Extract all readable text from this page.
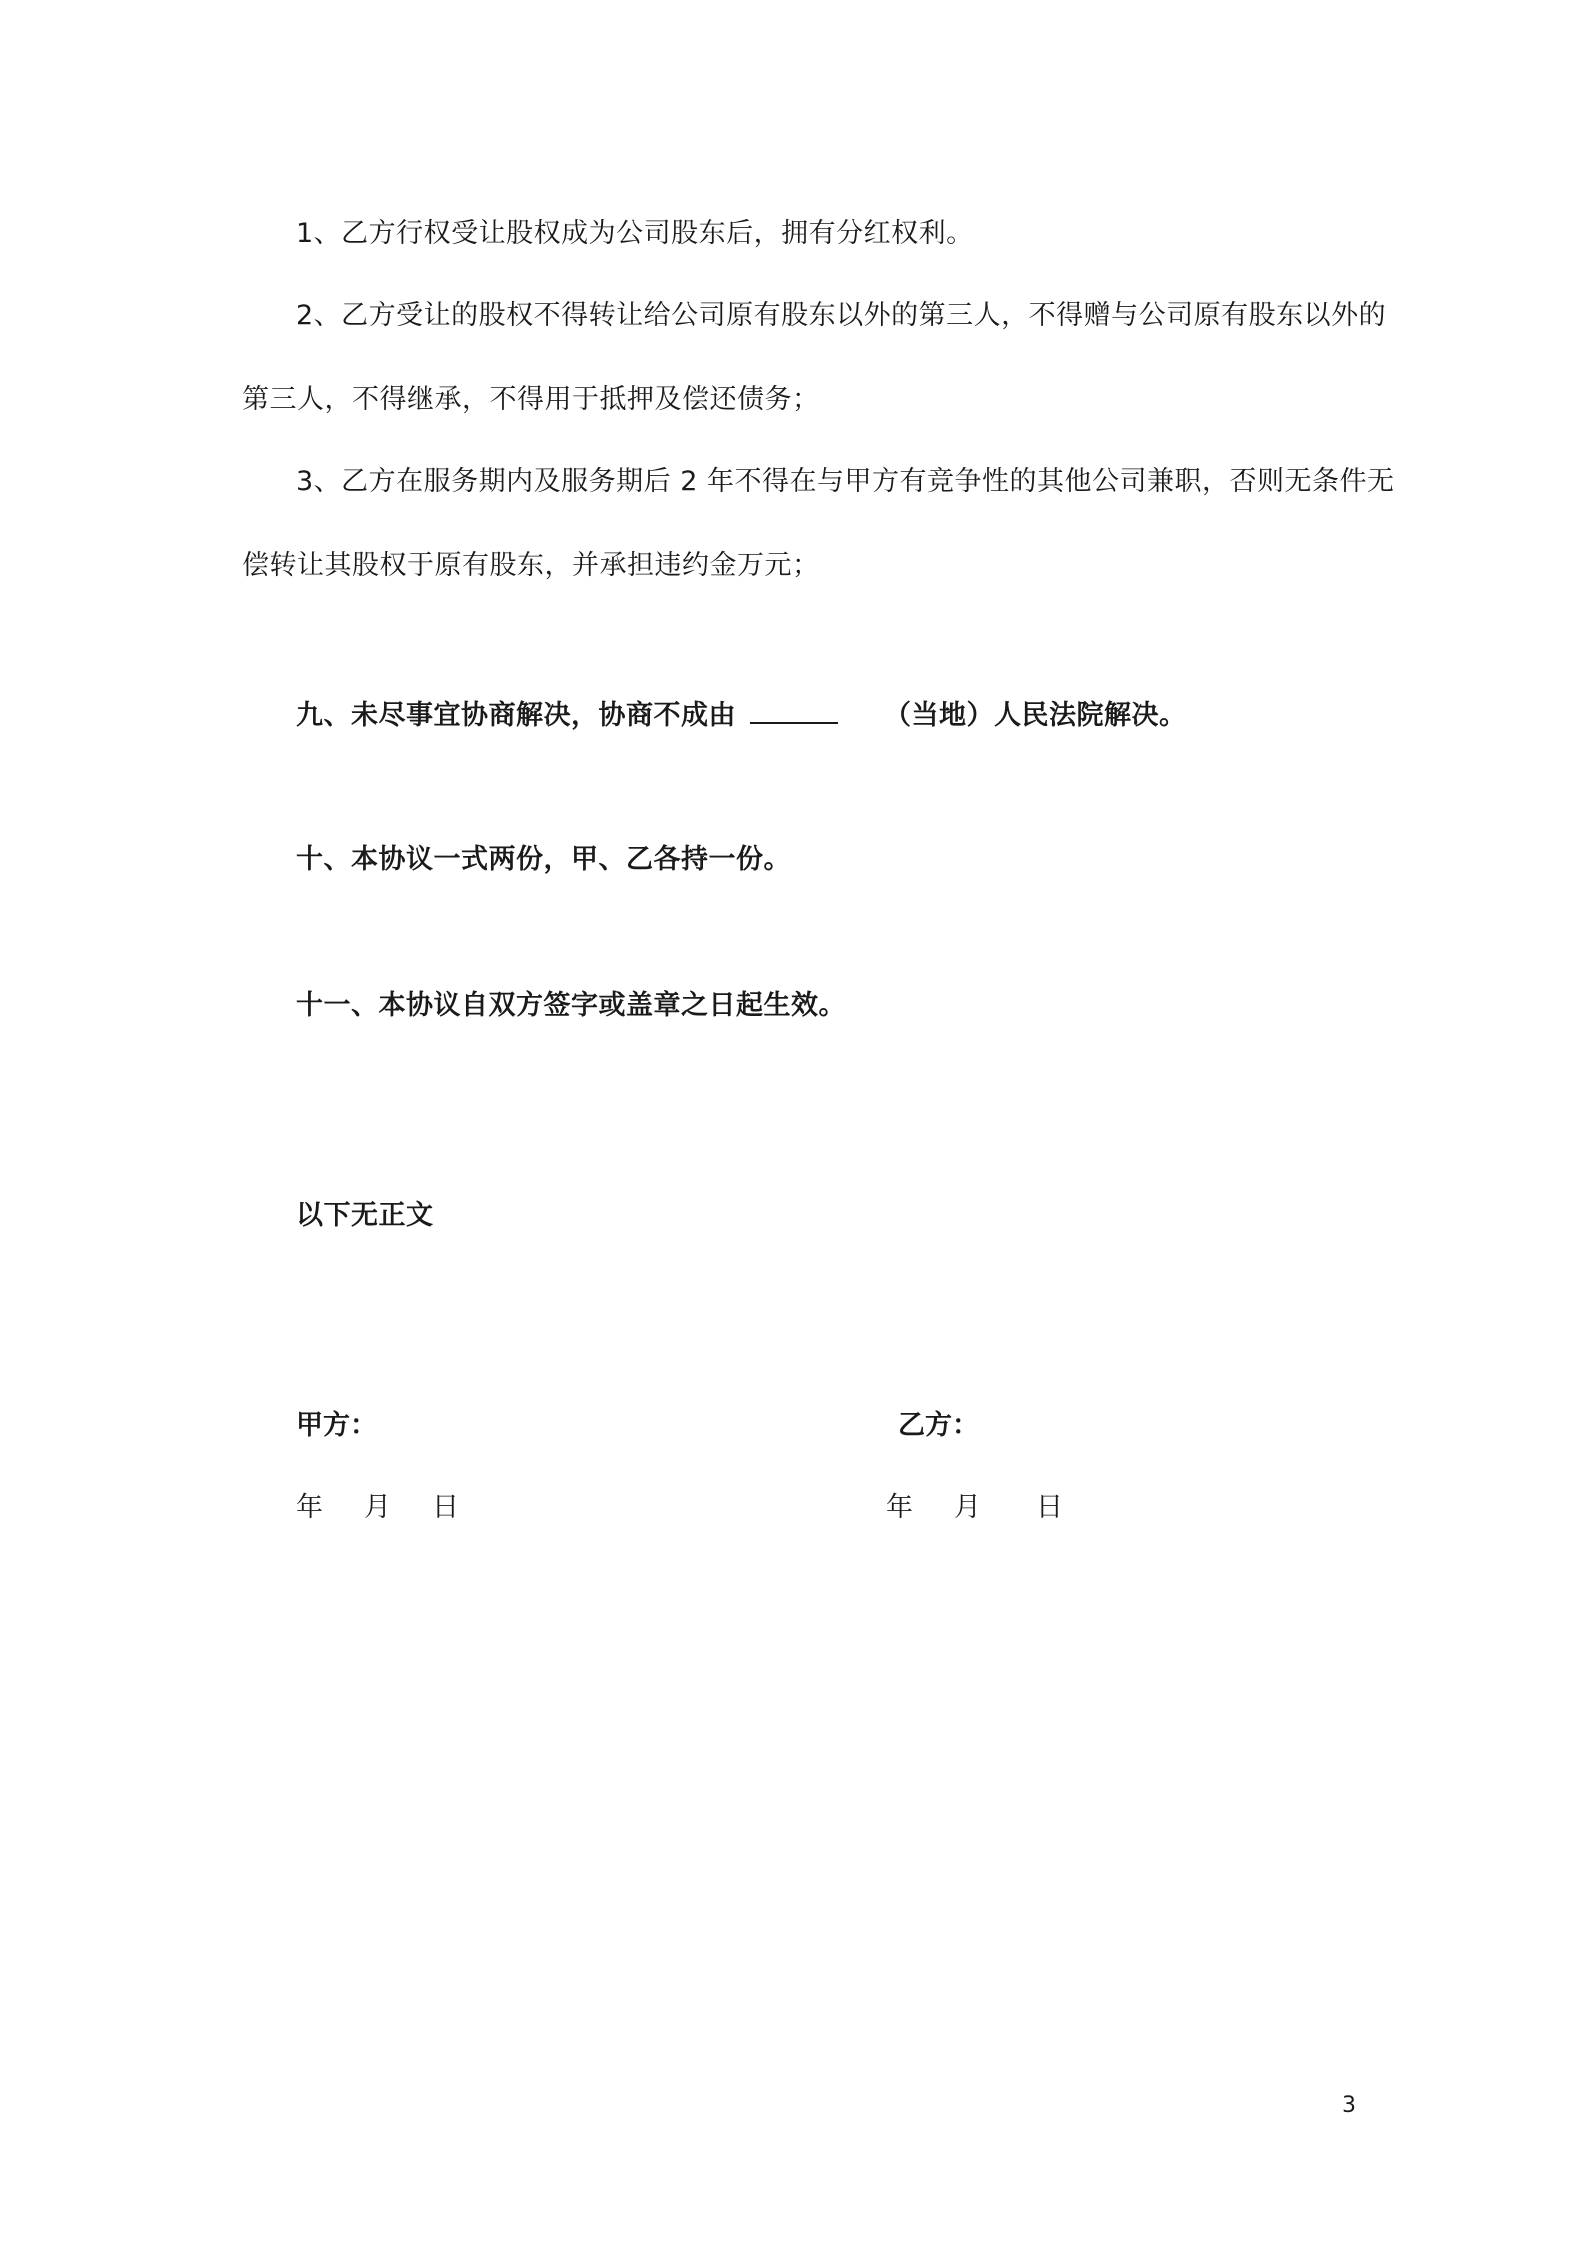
1、乙方行权受让股权成为公司股东后，拥有分红权利。
2、乙方受让的股权不得转让给公司原有股东以外的第三人，不得赠与公司原有股东以外的
第三人，不得继承，不得用于抵押及偿还债务；
3、乙方在服务期内及服务期后 2 年不得在与甲方有竞争性的其他公司兼职，否则无条件无
偿转让其股权于原有股东，并承担违约金万元；
九、未尽事宜协商解决，协商不成由	（当地）人民法院解决。
十、本协议一式两份，甲、乙各持一份。
十一、本协议自双方签字或盖章之日起生效。
以下无正文
甲方：	乙方：
年 月 日	年 月 日
3
